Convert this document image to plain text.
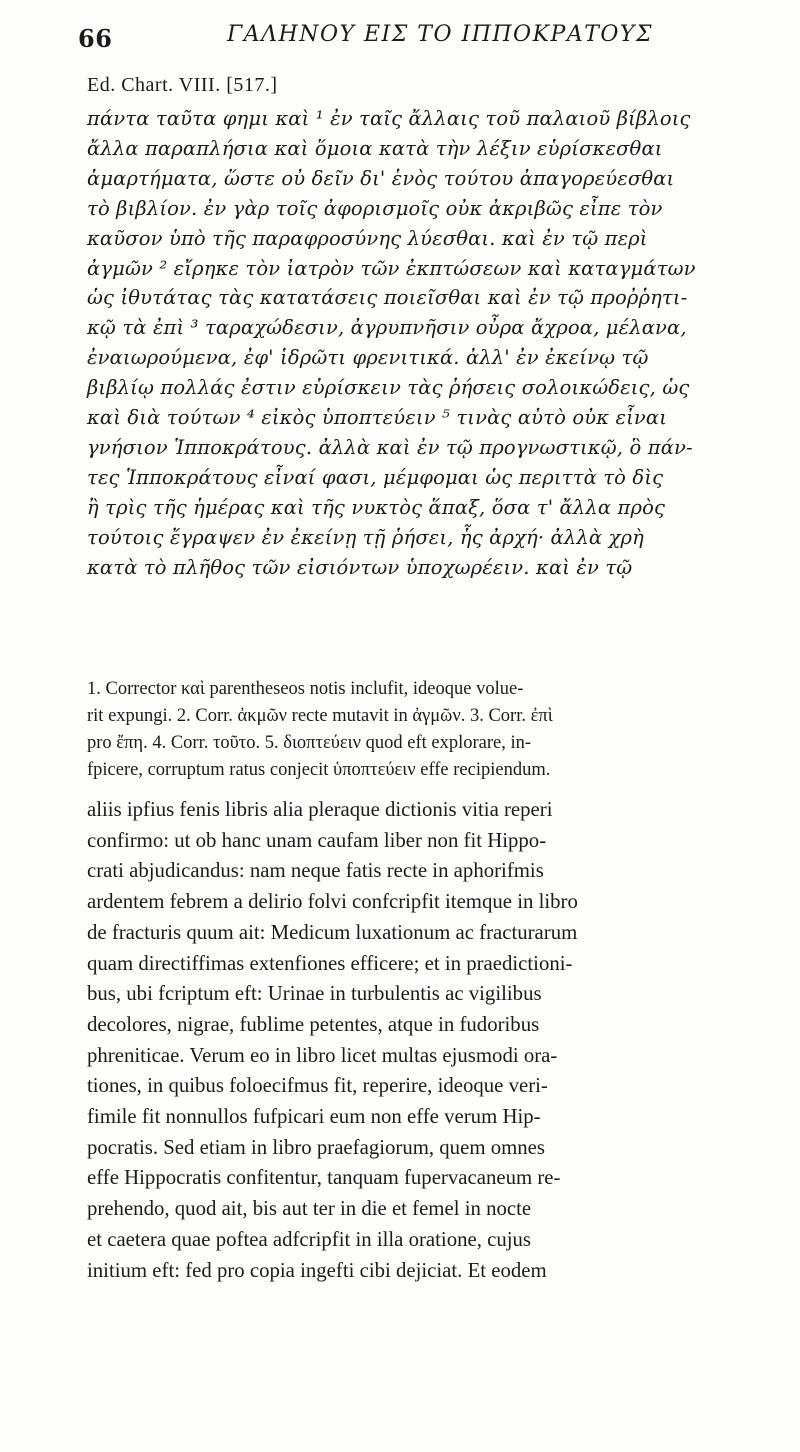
66	ΓΑΛΗΝΟΥ ΕΙΣ ΤΟ ΙΠΠΟΚΡΑΤΟΥΣ
Ed. Chart. VIII. [517.]
πάντα ταῦτα φημι καὶ ¹ ἐν ταῖς ἄλλαις τοῦ παλαιοῦ βίβλοις
ἄλλα παραπλήσια καὶ ὅμοια κατὰ τὴν λέξιν εὑρίσκεσθαι
ἁμαρτήματα, ὥστε οὐ δεῖν δι' ἑνὸς τούτου ἀπαγορεύεσθαι
τὸ βιβλίον. ἐν γὰρ τοῖς ἀφορισμοῖς οὐκ ἀκριβῶς εἶπε τὸν
καῦσον ὑπὸ τῆς παραφροσύνης λύεσθαι. καὶ ἐν τῷ περὶ
ἀγμῶν ² εἴρηκε τὸν ἰατρὸν τῶν ἐκπτώσεων καὶ καταγμάτων
ὡς ἰθυτάτας τὰς κατατάσεις ποιεῖσθαι καὶ ἐν τῷ προῤῥητι-
κῷ τὰ ἐπὶ ³ ταραχώδεσιν, ἀγρυπνῆσιν οὖρα ἄχροα, μέλανα,
ἐναιωρούμενα, ἐφ' ἱδρῶτι φρενιτικά. ἀλλ' ἐν ἐκείνῳ τῷ
βιβλίῳ πολλάς ἐστιν εὑρίσκειν τὰς ῥήσεις σολοικώδεις, ὡς
καὶ διὰ τούτων ⁴ εἰκὸς ὑποπτεύειν ⁵ τινὰς αὐτὸ οὐκ εἶναι
γνήσιον Ἱπποκράτους. ἀλλὰ καὶ ἐν τῷ προγνωστικῷ, ὃ πάν-
τες Ἱπποκράτους εἶναί φασι, μέμφομαι ὡς περιττὰ τὸ δὶς
ἢ τρὶς τῆς ἡμέρας καὶ τῆς νυκτὸς ἅπαξ, ὅσα τ' ἄλλα πρὸς
τούτοις ἔγραψεν ἐν ἐκείνῃ τῇ ῥήσει, ἧς ἀρχή· ἀλλὰ χρὴ
κατὰ τὸ πλῆθος τῶν εἰσιόντων ὑποχωρέειν. καὶ ἐν τῷ
1. Corrector καὶ parentheseos notis inclufit, ideoque volue-
rit expungi. 2. Corr. ἀκμῶν recte mutavit in ἀγμῶν. 3. Corr. ἐπὶ
pro ἔπη. 4. Corr. τοῦτο. 5. διοπτεύειν quod eft explorare, in-
fpicere, corruptum ratus conjecit ὑποπτεύειν effe recipiendum.
aliis ipfius fenis libris alia pleraque dictionis vitia reperi
confirmo: ut ob hanc unam caufam liber non fit Hippo-
crati abjudicandus: nam neque fatis recte in aphorifmis
ardentem febrem a delirio folvi confcripfit itemque in libro
de fracturis quum ait: Medicum luxationum ac fracturarum
quam directiffimas extenfiones efficere; et in praedictioni-
bus, ubi fcriptum eft: Urinae in turbulentis ac vigilibus
decolores, nigrae, fublime petentes, atque in fudoribus
phreniticae. Verum eo in libro licet multas ejusmodi ora-
tiones, in quibus foloecifmus fit, reperire, ideoque veri-
fimile fit nonnullos fufpicari eum non effe verum Hip-
pocratis. Sed etiam in libro praefagiorum, quem omnes
effe Hippocratis confitentur, tanquam fupervacaneum re-
prehendo, quod ait, bis aut ter in die et femel in nocte
et caetera quae poftea adfcripfit in illa oratione, cujus
initium eft: fed pro copia ingefti cibi dejiciat. Et eodem
